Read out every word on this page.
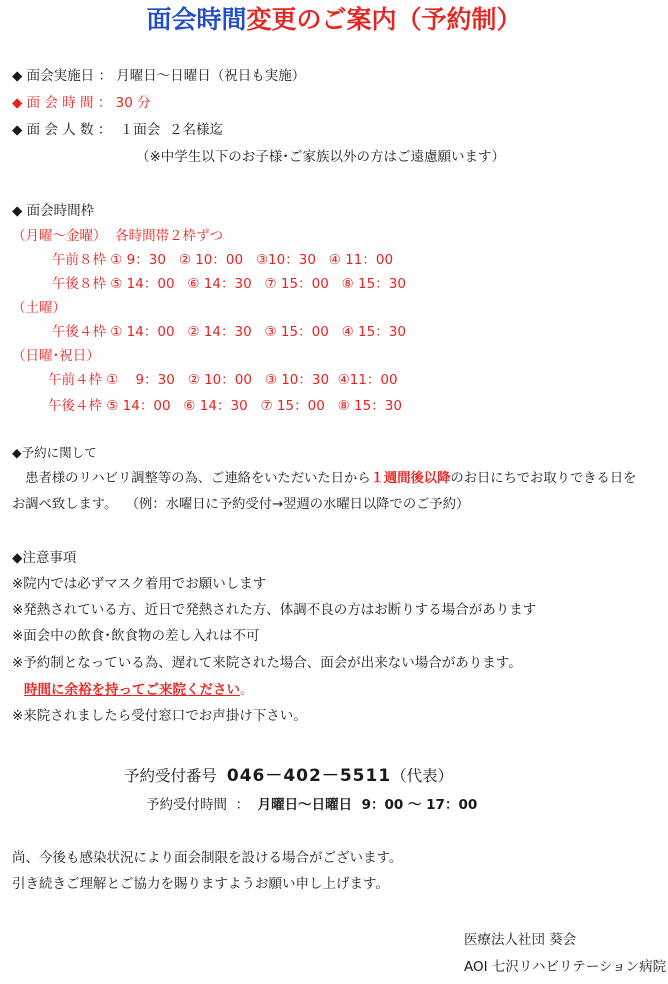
面会時間変更のご案内（予約制）
◆ 面会実施日 ： 月曜日～日曜日（祝日も実施）
◆ 面 会 時 間 ： 30 分
◆ 面 会 人 数 ：  １面会  ２名様迄
（※中学生以下のお子様･ご家族以外の方はご遠慮願います）
◆ 面会時間枠
（月曜～金曜）  各時間帯２枠ずつ
午前８枠 ① 9：30   ② 10：00   ③10：30   ④ 11：00
午後８枠 ⑤ 14：00   ⑥ 14：30   ⑦ 15：00   ⑧ 15：30
（土曜）
午後４枠 ① 14：00   ② 14：30   ③ 15：00   ④ 15：30
（日曜･祝日）
午前４枠 ①    9：30   ② 10：00   ③ 10：30  ④11：00
午後４枠 ⑤ 14：00   ⑥ 14：30   ⑦ 15：00   ⑧ 15：30
◆予約に関して
　患者様のリハビリ調整等の為、ご連絡をいただいた日から１週間後以降のお日にちでお取りできる日を
お調べ致します。  （例：水曜日に予約受付→翌週の水曜日以降でのご予約）
◆注意事項
※院内では必ずマスク着用でお願いします
※発熱されている方、近日で発熱された方、体調不良の方はお断りする場合があります
※面会中の飲食･飲食物の差し入れは不可
※予約制となっている為、遅れて来院された場合、面会が出来ない場合があります。
時間に余裕を持ってご来院ください。
※来院されましたら受付窓口でお声掛け下さい。
予約受付番号  046－402－5511（代表）
予約受付時間  ：  月曜日～日曜日  9：00 ～ 17：00
尚、今後も感染状況により面会制限を設ける場合がございます。
引き続きご理解とご協力を賜りますようお願い申し上げます。
医療法人社団 葵会
AOI 七沢リハビリテーション病院
